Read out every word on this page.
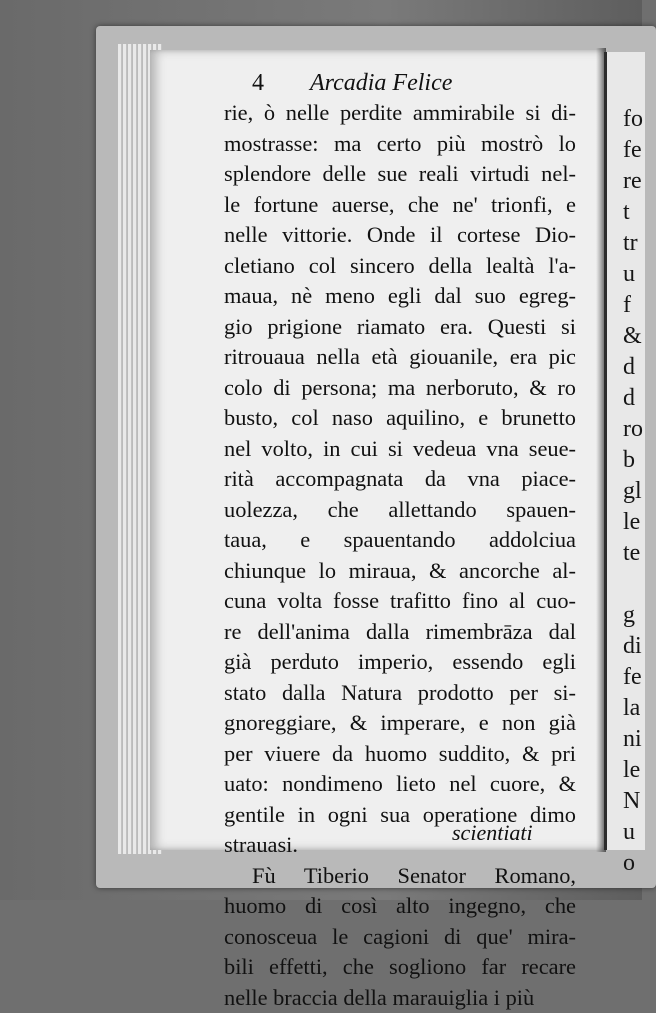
fo
fe
re
t
tr
u
f
&
d
d
ro
b
gl
le
te
g
di
fe
la
ni
le
N
u
o
4 Arcadia Felice
rie, ò nelle perdite ammirabile si di-
mostrasse: ma certo più mostrò lo
splendore delle sue reali virtudi nel-
le fortune auerse, che ne' trionfi, e
nelle vittorie. Onde il cortese Dio-
cletiano col sincero della lealtà l'a-
maua, nè meno egli dal suo egreg-
gio prigione riamato era. Questi si
ritrouaua nella età giouanile, era pic
colo di persona; ma nerboruto, & ro
busto, col naso aquilino, e brunetto
nel volto, in cui si vedeua vna seue-
rità accompagnata da vna piace-
uolezza, che allettando spauen-
taua, e spauentando addolciua
chiunque lo miraua, & ancorche al-
cuna volta fosse trafitto fino al cuo-
re dell'anima dalla rimembrāza dal
già perduto imperio, essendo egli
stato dalla Natura prodotto per si-
gnoreggiare, & imperare, e non già
per viuere da huomo suddito, & pri
uato: nondimeno lieto nel cuore, &
gentile in ogni sua operatione dimo
strauasi.
Fù Tiberio Senator Romano,
huomo di così alto ingegno, che
conosceua le cagioni di que' mira-
bili effetti, che sogliono far recare
nelle braccia della marauiglia i più
scientiati
